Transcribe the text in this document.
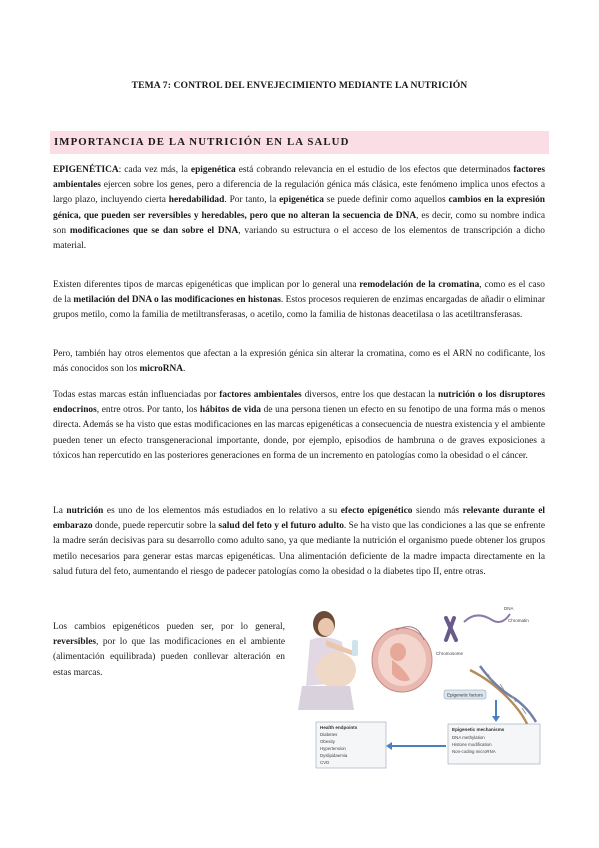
TEMA 7: CONTROL DEL ENVEJECIMIENTO MEDIANTE LA NUTRICIÓN
IMPORTANCIA DE LA NUTRICIÓN EN LA SALUD

EPIGENÉTICA: cada vez más, la epigenética está cobrando relevancia en el estudio de los efectos que determinados factores ambientales ejercen sobre los genes, pero a diferencia de la regulación génica más clásica, este fenómeno implica unos efectos a largo plazo, incluyendo cierta heredabilidad. Por tanto, la epigenética se puede definir como aquellos cambios en la expresión génica, que pueden ser reversibles y heredables, pero que no alteran la secuencia de DNA, es decir, como su nombre indica son modificaciones que se dan sobre el DNA, variando su estructura o el acceso de los elementos de transcripción a dicho material.

Existen diferentes tipos de marcas epigenéticas que implican por lo general una remodelación de la cromatina, como es el caso de la metilación del DNA o las modificaciones en histonas. Estos procesos requieren de enzimas encargadas de añadir o eliminar grupos metilo, como la familia de metiltransferasas, o acetilo, como la familia de histonas deacetilasa o las acetiltransferasas.

Pero, también hay otros elementos que afectan a la expresión génica sin alterar la cromatina, como es el ARN no codificante, los más conocidos son los microRNA.

Todas estas marcas están influenciadas por factores ambientales diversos, entre los que destacan la nutrición o los disruptores endocrinos, entre otros. Por tanto, los hábitos de vida de una persona tienen un efecto en su fenotipo de una forma más o menos directa. Además se ha visto que estas modificaciones en las marcas epigenéticas a consecuencia de nuestra existencia y el ambiente pueden tener un efecto transgeneracional importante, donde, por ejemplo, episodios de hambruna o de graves exposiciones a tóxicos han repercutido en las posteriores generaciones en forma de un incremento en patologías como la obesidad o el cáncer.

La nutrición es uno de los elementos más estudiados en lo relativo a su efecto epigenético siendo más relevante durante el embarazo donde, puede repercutir sobre la salud del feto y el futuro adulto. Se ha visto que las condiciones a las que se enfrente la madre serán decisivas para su desarrollo como adulto sano, ya que mediante la nutrición el organismo puede obtener los grupos metilo necesarios para generar estas marcas epigenéticas. Una alimentación deficiente de la madre impacta directamente en la salud futura del feto, aumentando el riesgo de padecer patologías como la obesidad o la diabetes tipo II, entre otras.

Los cambios epigenéticos pueden ser, por lo general, reversibles, por lo que las modificaciones en el ambiente (alimentación equilibrada) pueden conllevar alteración en estas marcas.

Chromosome
Chromatin
DNA
Epigenetic factors
Health endpoints
Diabetes
Obesity
Hypertension
Dyslipidaemia
CVD
Epigenetic mechanisms
DNA methylation
Histone modification
Non-coding microRNA
